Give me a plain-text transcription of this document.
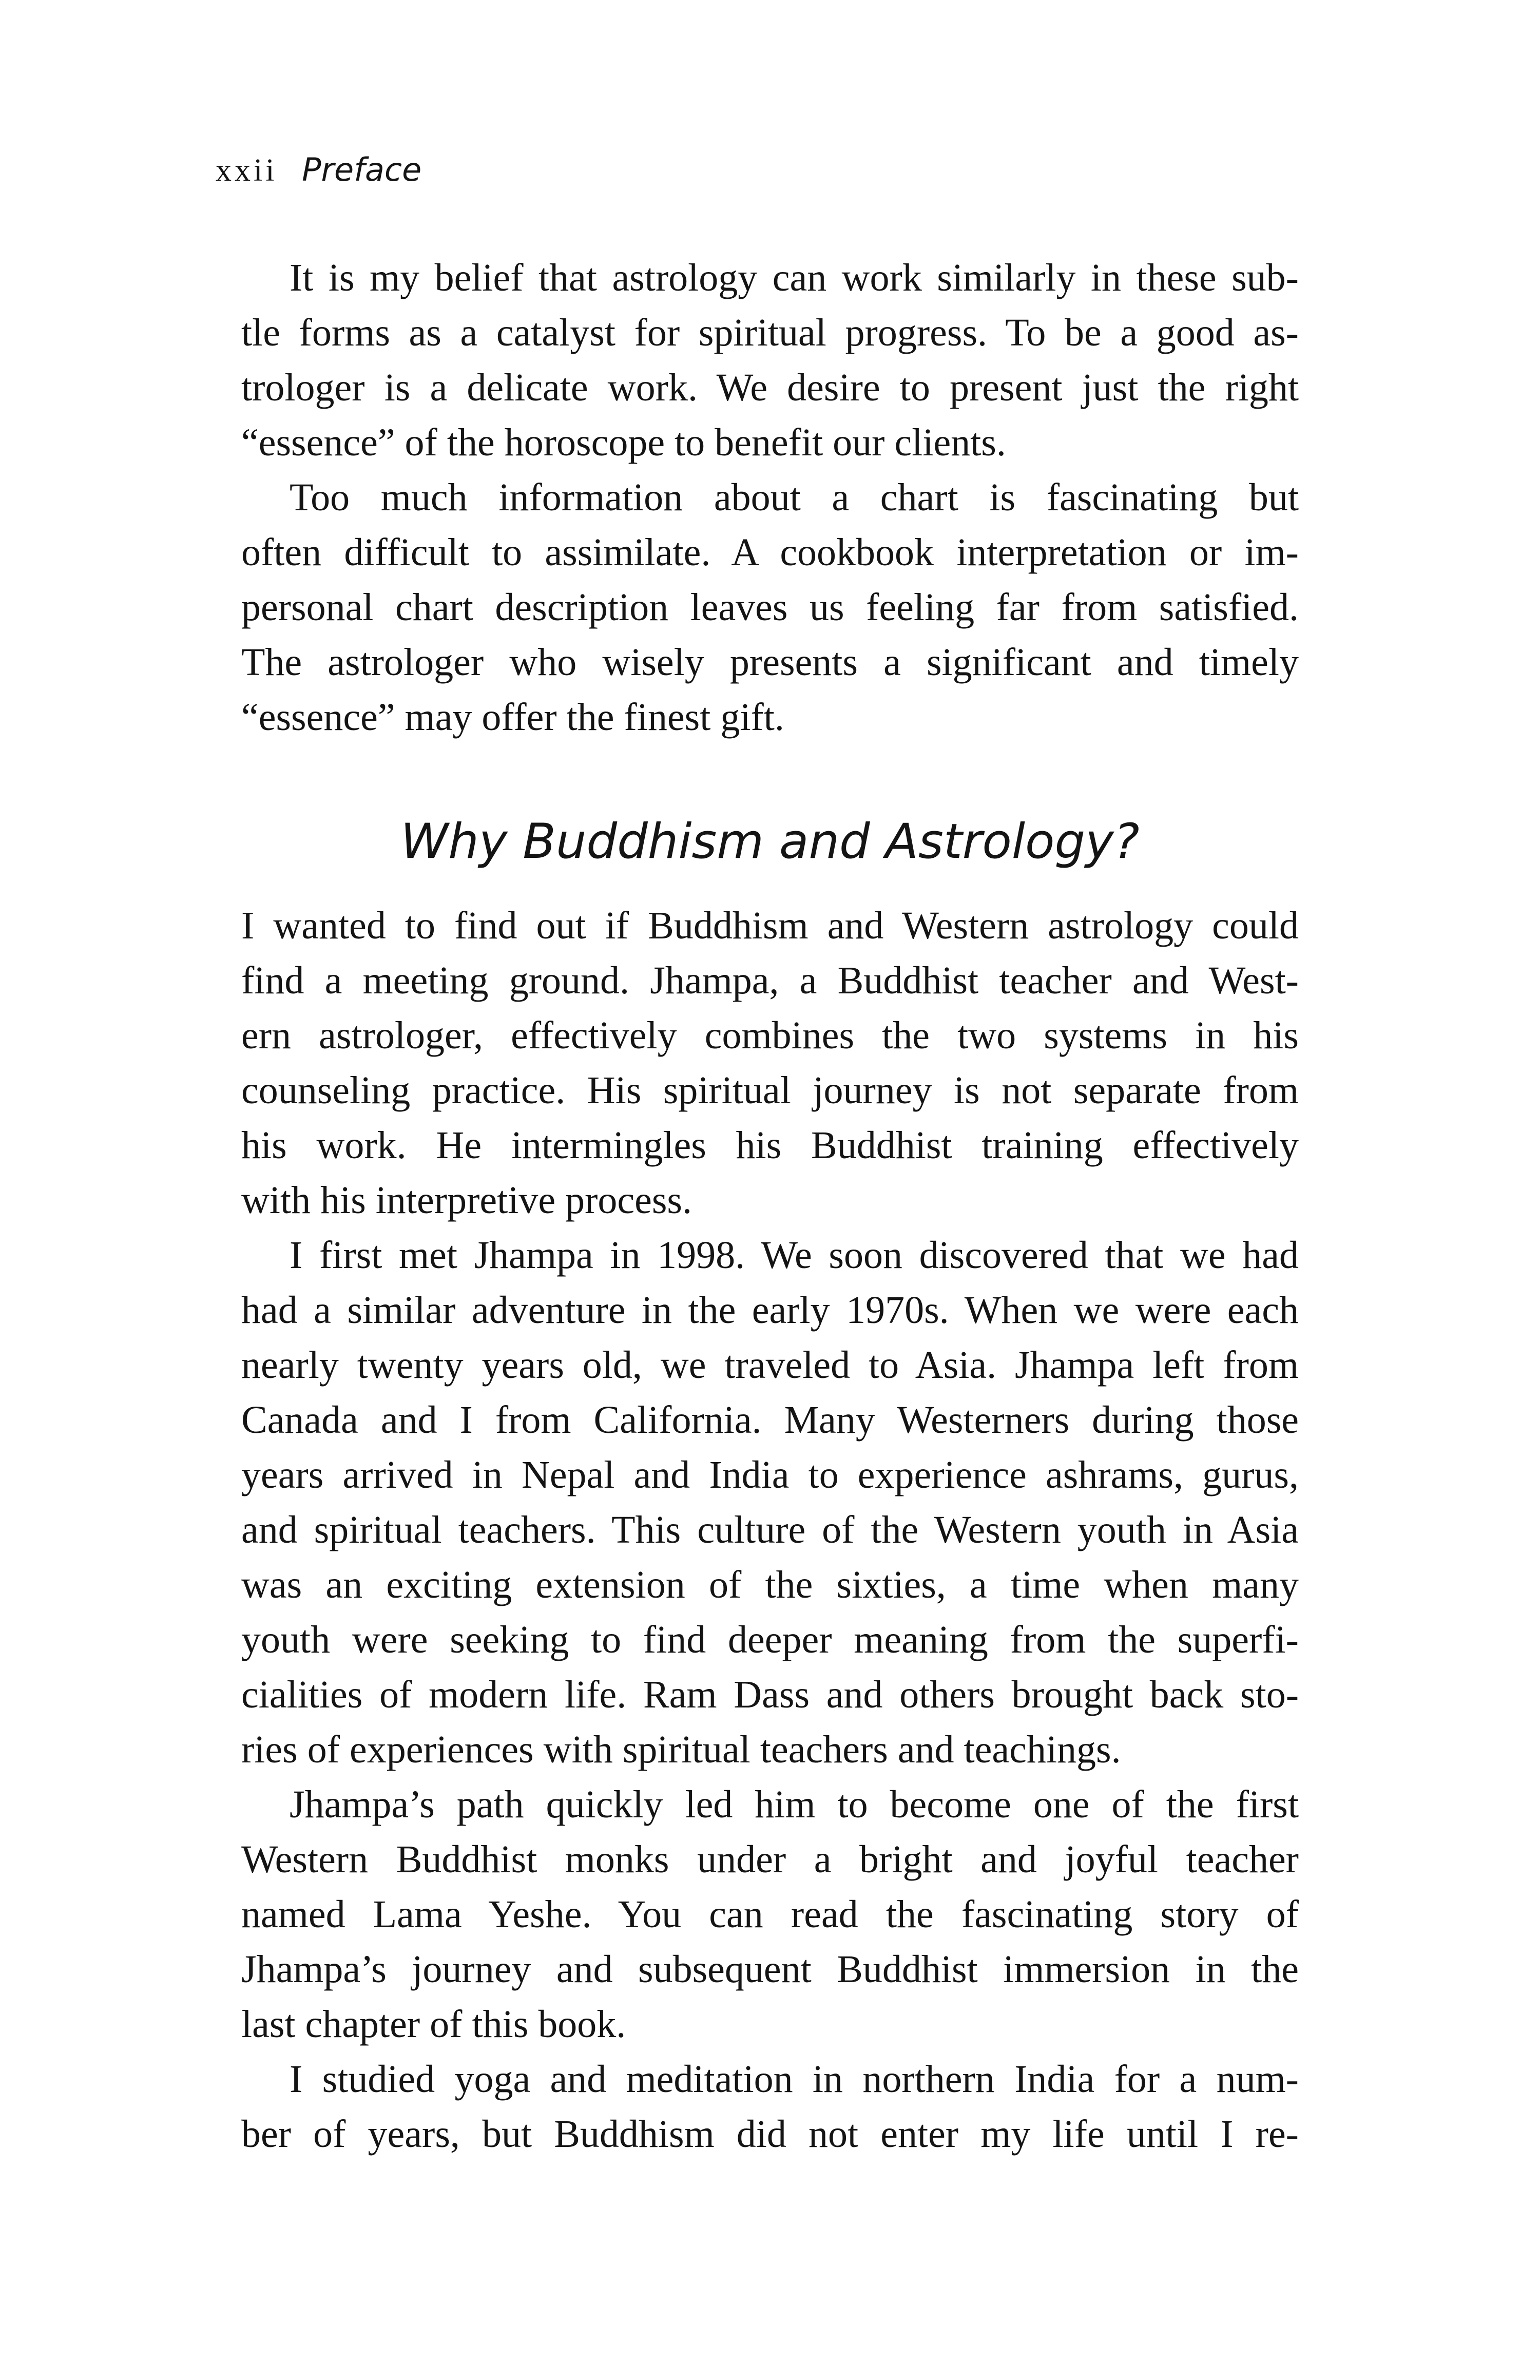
xxii Preface
It is my belief that astrology can work similarly in these sub-
tle forms as a catalyst for spiritual progress. To be a good as-
trologer is a delicate work. We desire to present just the right
“essence” of the horoscope to benefit our clients.
Too much information about a chart is fascinating but
often difficult to assimilate. A cookbook interpretation or im-
personal chart description leaves us feeling far from satisfied.
The astrologer who wisely presents a significant and timely
“essence” may offer the finest gift.
Why Buddhism and Astrology?
I wanted to find out if Buddhism and Western astrology could
find a meeting ground. Jhampa, a Buddhist teacher and West-
ern astrologer, effectively combines the two systems in his
counseling practice. His spiritual journey is not separate from
his work. He intermingles his Buddhist training effectively
with his interpretive process.
I first met Jhampa in 1998. We soon discovered that we had
had a similar adventure in the early 1970s. When we were each
nearly twenty years old, we traveled to Asia. Jhampa left from
Canada and I from California. Many Westerners during those
years arrived in Nepal and India to experience ashrams, gurus,
and spiritual teachers. This culture of the Western youth in Asia
was an exciting extension of the sixties, a time when many
youth were seeking to find deeper meaning from the superfi-
cialities of modern life. Ram Dass and others brought back sto-
ries of experiences with spiritual teachers and teachings.
Jhampa’s path quickly led him to become one of the first
Western Buddhist monks under a bright and joyful teacher
named Lama Yeshe. You can read the fascinating story of
Jhampa’s journey and subsequent Buddhist immersion in the
last chapter of this book.
I studied yoga and meditation in northern India for a num-
ber of years, but Buddhism did not enter my life until I re-
